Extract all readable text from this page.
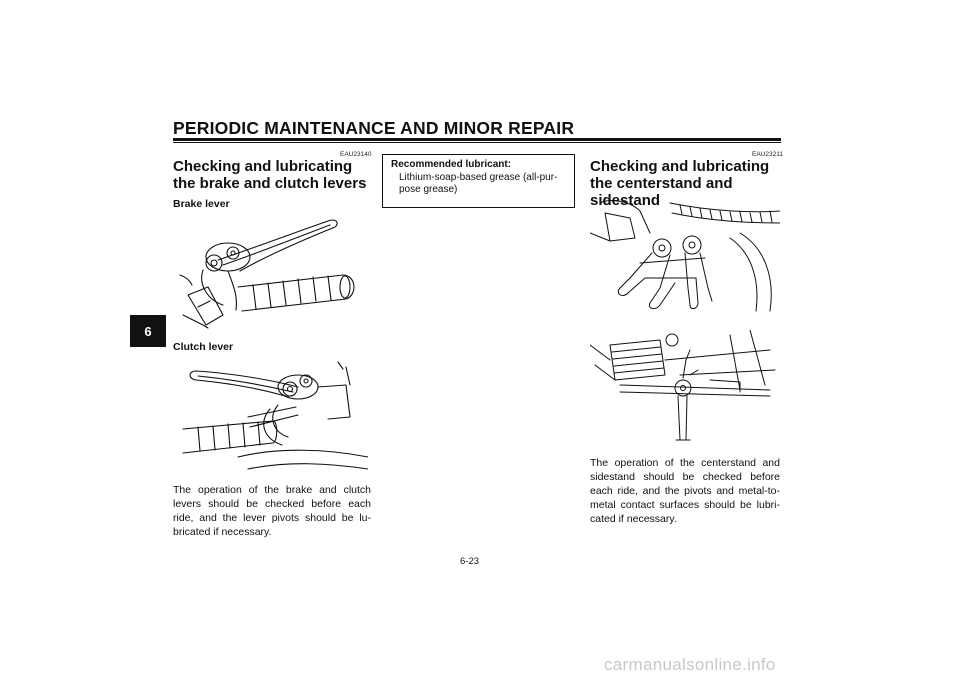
PERIODIC MAINTENANCE AND MINOR REPAIR
6
EAU23140
Checking and lubricating the brake and clutch levers
Brake lever
Clutch lever
The operation of the brake and clutch levers should be checked before each ride, and the lever pivots should be lu-bricated if necessary.
Recommended lubricant:
Lithium-soap-based grease (all-pur-pose grease)
EAU23211
Checking and lubricating the centerstand and sidestand
The operation of the centerstand and sidestand should be checked before each ride, and the pivots and metal-to-metal contact surfaces should be lubri-cated if necessary.
6-23
carmanualsonline.info
